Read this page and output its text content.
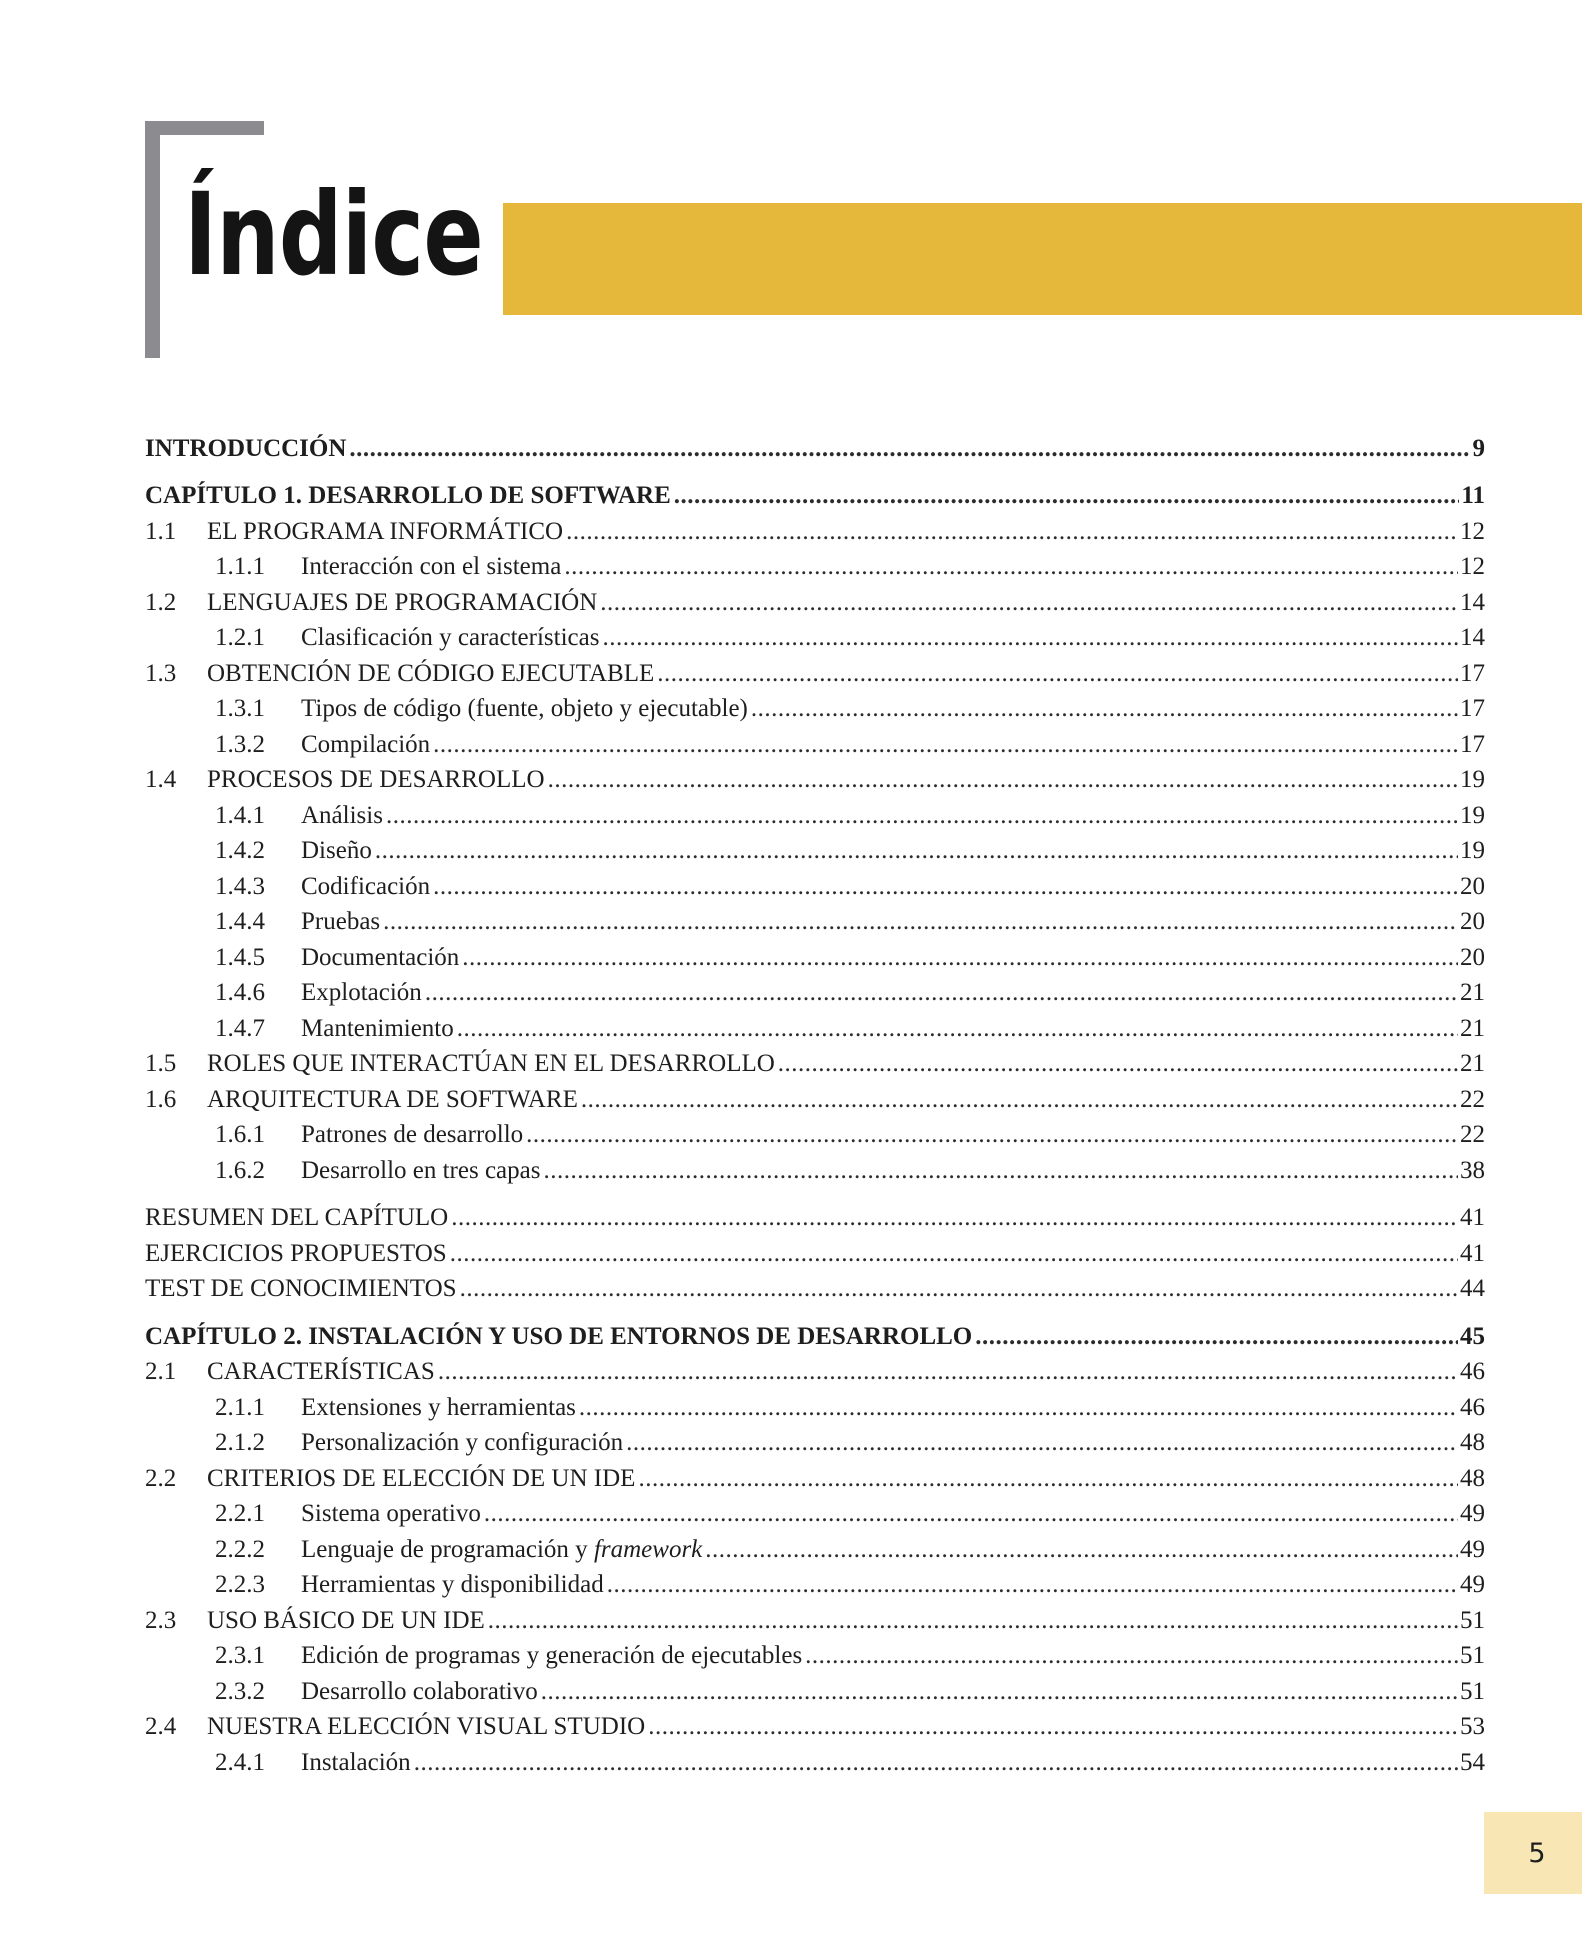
Índice
INTRODUCCIÓN .....	9
CAPÍTULO 1. DESARROLLO DE SOFTWARE .....	11
1.1	EL PROGRAMA INFORMÁTICO .....	12
1.1.1	Interacción con el sistema .....	12
1.2	LENGUAJES DE PROGRAMACIÓN .....	14
1.2.1	Clasificación y características .....	14
1.3	OBTENCIÓN DE CÓDIGO EJECUTABLE .....	17
1.3.1	Tipos de código (fuente, objeto y ejecutable) .....	17
1.3.2	Compilación .....	17
1.4	PROCESOS DE DESARROLLO .....	19
1.4.1	Análisis .....	19
1.4.2	Diseño .....	19
1.4.3	Codificación .....	20
1.4.4	Pruebas .....	20
1.4.5	Documentación .....	20
1.4.6	Explotación .....	21
1.4.7	Mantenimiento .....	21
1.5	ROLES QUE INTERACTÚAN EN EL DESARROLLO .....	21
1.6	ARQUITECTURA DE SOFTWARE .....	22
1.6.1	Patrones de desarrollo .....	22
1.6.2	Desarrollo en tres capas .....	38
RESUMEN DEL CAPÍTULO .....	41
EJERCICIOS PROPUESTOS .....	41
TEST DE CONOCIMIENTOS .....	44
CAPÍTULO 2. INSTALACIÓN Y USO DE ENTORNOS DE DESARROLLO .....	45
2.1	CARACTERÍSTICAS .....	46
2.1.1	Extensiones y herramientas .....	46
2.1.2	Personalización y configuración .....	48
2.2	CRITERIOS DE ELECCIÓN DE UN IDE .....	48
2.2.1	Sistema operativo .....	49
2.2.2	Lenguaje de programación y framework .....	49
2.2.3	Herramientas y disponibilidad .....	49
2.3	USO BÁSICO DE UN IDE .....	51
2.3.1	Edición de programas y generación de ejecutables .....	51
2.3.2	Desarrollo colaborativo .....	51
2.4	NUESTRA ELECCIÓN VISUAL STUDIO .....	53
2.4.1	Instalación .....	54
5
